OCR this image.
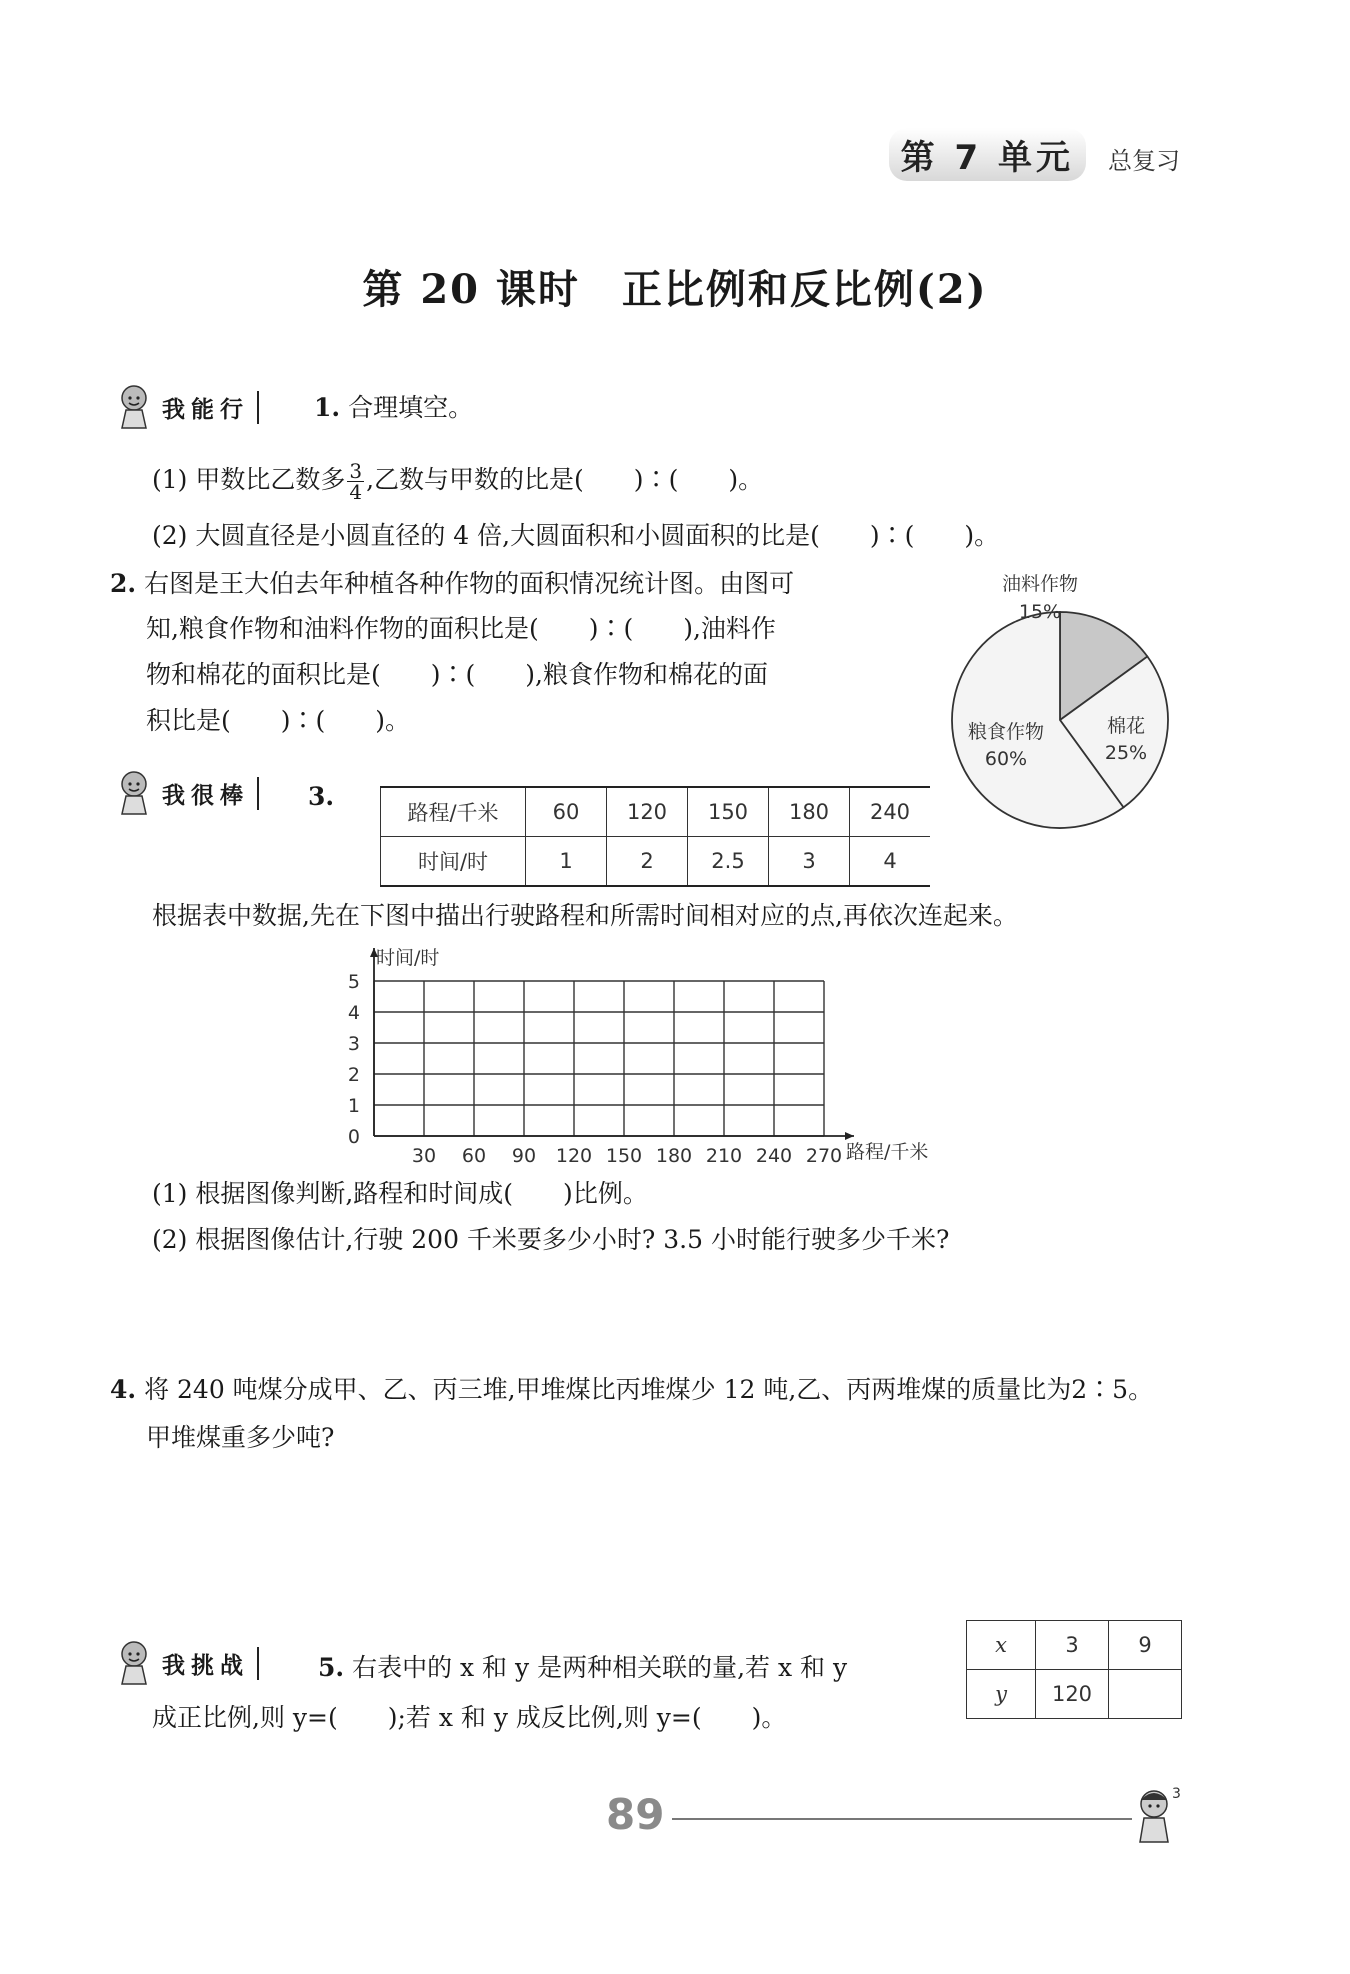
第 7 单元	总复习
第 20 课时　正比例和反比例(2)
我能行	1. 合理填空。
(1) 甲数比乙数多 $\frac{3}{4}$ ,乙数与甲数的比是(　　)∶(　　)。
(2) 大圆直径是小圆直径的 4 倍,大圆面积和小圆面积的比是(　　)∶(　　)。
2. 右图是王大伯去年种植各种作物的面积情况统计图。由图可
知,粮食作物和油料作物的面积比是(　　)∶(　　),油料作
物和棉花的面积比是(　　)∶(　　),粮食作物和棉花的面
积比是(　　)∶(　　)。
油料作物
15%
棉花
25%
粮食作物
60%
我很棒	3.
路程/千米	60	120	150	180	240
时间/时	1	2	2.5	3	4
根据表中数据,先在下图中描出行驶路程和所需时间相对应的点,再依次连起来。
30 60 90 120 150 180 210 240 270
0
1
2
3
4
5
时间/时
路程/千米
(1) 根据图像判断,路程和时间成(　　)比例。
(2) 根据图像估计,行驶 200 千米要多少小时? 3.5 小时能行驶多少千米?
4. 将 240 吨煤分成甲、乙、丙三堆,甲堆煤比丙堆煤少 12 吨,乙、丙两堆煤的质量比为2∶5。
甲堆煤重多少吨?
我挑战	5. 右表中的 x 和 y 是两种相关联的量,若 x 和 y
成正比例,则 y=(　　);若 x 和 y 成反比例,则 y=(　　)。
x	3	9
y	120	
89	3
